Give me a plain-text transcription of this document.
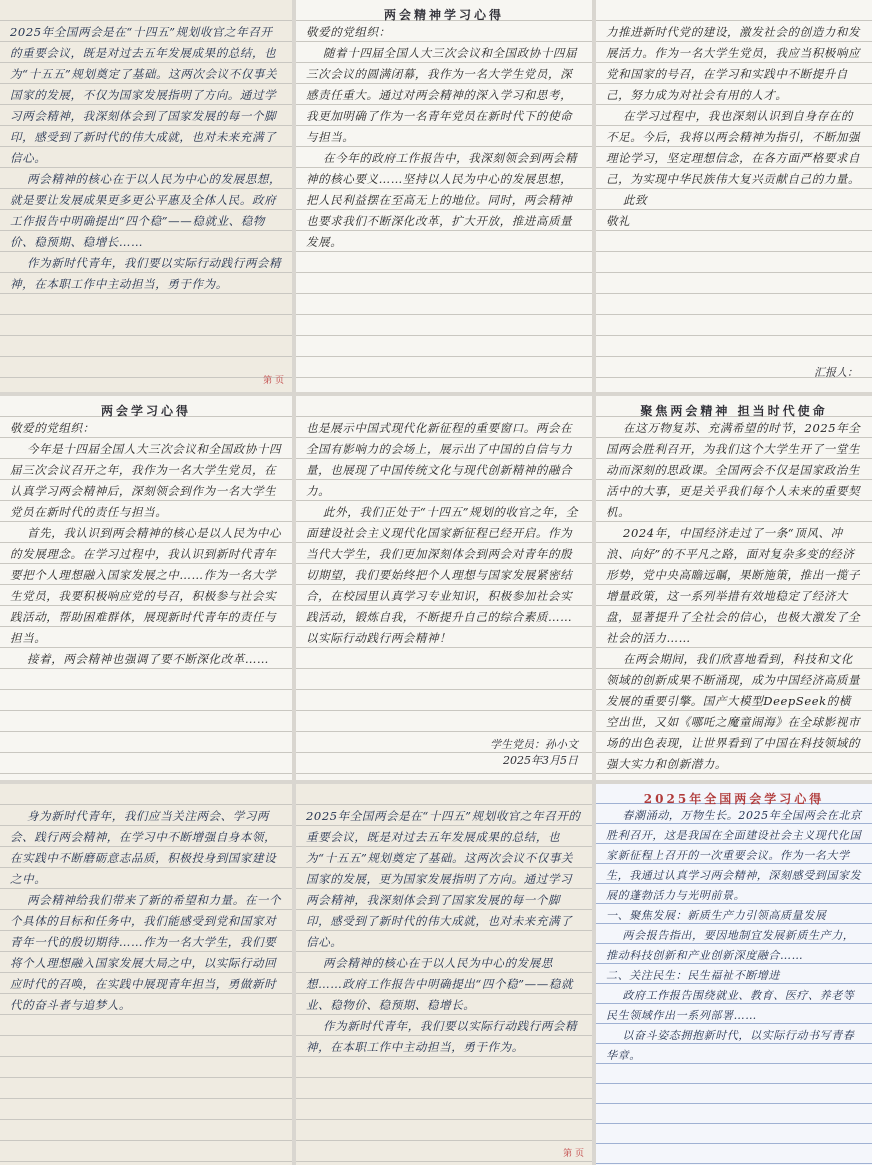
2025年全国两会是在“十四五”规划收官之年召开的重要会议，既是对过去五年发展成果的总结，也为“十五五”规划奠定了基础。这两次会议不仅事关国家的发展，不仅为国家发展指明了方向。通过学习两会精神，我深刻体会到了国家发展的每一个脚印，感受到了新时代的伟大成就，也对未来充满了信心。
两会精神的核心在于以人民为中心的发展思想，就是要让发展成果更多更公平惠及全体人民。政府工作报告中明确提出“四个稳”——稳就业、稳物价、稳预期、稳增长……
作为新时代青年，我们要以实际行动践行两会精神，在本职工作中主动担当，勇于作为。
第 页
两会精神学习心得
敬爱的党组织：
随着十四届全国人大三次会议和全国政协十四届三次会议的圆满闭幕，我作为一名大学生党员，深感责任重大。通过对两会精神的深入学习和思考，我更加明确了作为一名青年党员在新时代下的使命与担当。
在今年的政府工作报告中，我深刻领会到两会精神的核心要义……坚持以人民为中心的发展思想，把人民利益摆在至高无上的地位。同时，两会精神也要求我们不断深化改革，扩大开放，推进高质量发展。
力推进新时代党的建设，激发社会的创造力和发展活力。作为一名大学生党员，我应当积极响应党和国家的号召，在学习和实践中不断提升自己，努力成为对社会有用的人才。
在学习过程中，我也深刻认识到自身存在的不足。今后，我将以两会精神为指引，不断加强理论学习，坚定理想信念，在各方面严格要求自己，为实现中华民族伟大复兴贡献自己的力量。
此致
敬礼
汇报人：
两会学习心得
敬爱的党组织：
今年是十四届全国人大三次会议和全国政协十四届三次会议召开之年，我作为一名大学生党员，在认真学习两会精神后，深刻领会到作为一名大学生党员在新时代的责任与担当。
首先，我认识到两会精神的核心是以人民为中心的发展理念。在学习过程中，我认识到新时代青年要把个人理想融入国家发展之中……作为一名大学生党员，我要积极响应党的号召，积极参与社会实践活动，帮助困难群体，展现新时代青年的责任与担当。
接着，两会精神也强调了要不断深化改革……
也是展示中国式现代化新征程的重要窗口。两会在全国有影响力的会场上，展示出了中国的自信与力量，也展现了中国传统文化与现代创新精神的融合力。
此外，我们正处于“十四五”规划的收官之年，全面建设社会主义现代化国家新征程已经开启。作为当代大学生，我们更加深刻体会到两会对青年的殷切期望，我们要始终把个人理想与国家发展紧密结合，在校园里认真学习专业知识，积极参加社会实践活动，锻炼自我，不断提升自己的综合素质……以实际行动践行两会精神！
学生党员：孙小文
2025年3月5日
聚焦两会精神 担当时代使命
在这万物复苏、充满希望的时节，2025年全国两会胜利召开，为我们这个大学生开了一堂生动而深刻的思政课。全国两会不仅是国家政治生活中的大事，更是关乎我们每个人未来的重要契机。
2024年，中国经济走过了一条“顶风、冲浪、向好”的不平凡之路，面对复杂多变的经济形势，党中央高瞻远瞩，果断施策，推出一揽子增量政策，这一系列举措有效地稳定了经济大盘，显著提升了全社会的信心，也极大激发了全社会的活力……
在两会期间，我们欣喜地看到，科技和文化领域的创新成果不断涌现，成为中国经济高质量发展的重要引擎。国产大模型DeepSeek的横空出世，又如《哪吒之魔童闹海》在全球影视市场的出色表现，让世界看到了中国在科技领域的强大实力和创新潜力。
身为新时代青年，我们应当关注两会、学习两会、践行两会精神，在学习中不断增强自身本领，在实践中不断磨砺意志品质，积极投身到国家建设之中。
两会精神给我们带来了新的希望和力量。在一个个具体的目标和任务中，我们能感受到党和国家对青年一代的殷切期待……作为一名大学生，我们要将个人理想融入国家发展大局之中，以实际行动回应时代的召唤，在实践中展现青年担当，勇做新时代的奋斗者与追梦人。
2025年全国两会是在“十四五”规划收官之年召开的重要会议，既是对过去五年发展成果的总结，也为“十五五”规划奠定了基础。这两次会议不仅事关国家的发展，更为国家发展指明了方向。通过学习两会精神，我深刻体会到了国家发展的每一个脚印，感受到了新时代的伟大成就，也对未来充满了信心。
两会精神的核心在于以人民为中心的发展思想……政府工作报告中明确提出“四个稳”——稳就业、稳物价、稳预期、稳增长。
作为新时代青年，我们要以实际行动践行两会精神，在本职工作中主动担当，勇于作为。
第 页
2025年全国两会学习心得
春潮涌动，万物生长。2025年全国两会在北京胜利召开，这是我国在全面建设社会主义现代化国家新征程上召开的一次重要会议。作为一名大学生，我通过认真学习两会精神，深刻感受到国家发展的蓬勃活力与光明前景。
一、聚焦发展：新质生产力引领高质量发展
两会报告指出，要因地制宜发展新质生产力，推动科技创新和产业创新深度融合……
二、关注民生：民生福祉不断增进
政府工作报告围绕就业、教育、医疗、养老等民生领域作出一系列部署……
以奋斗姿态拥抱新时代，以实际行动书写青春华章。
